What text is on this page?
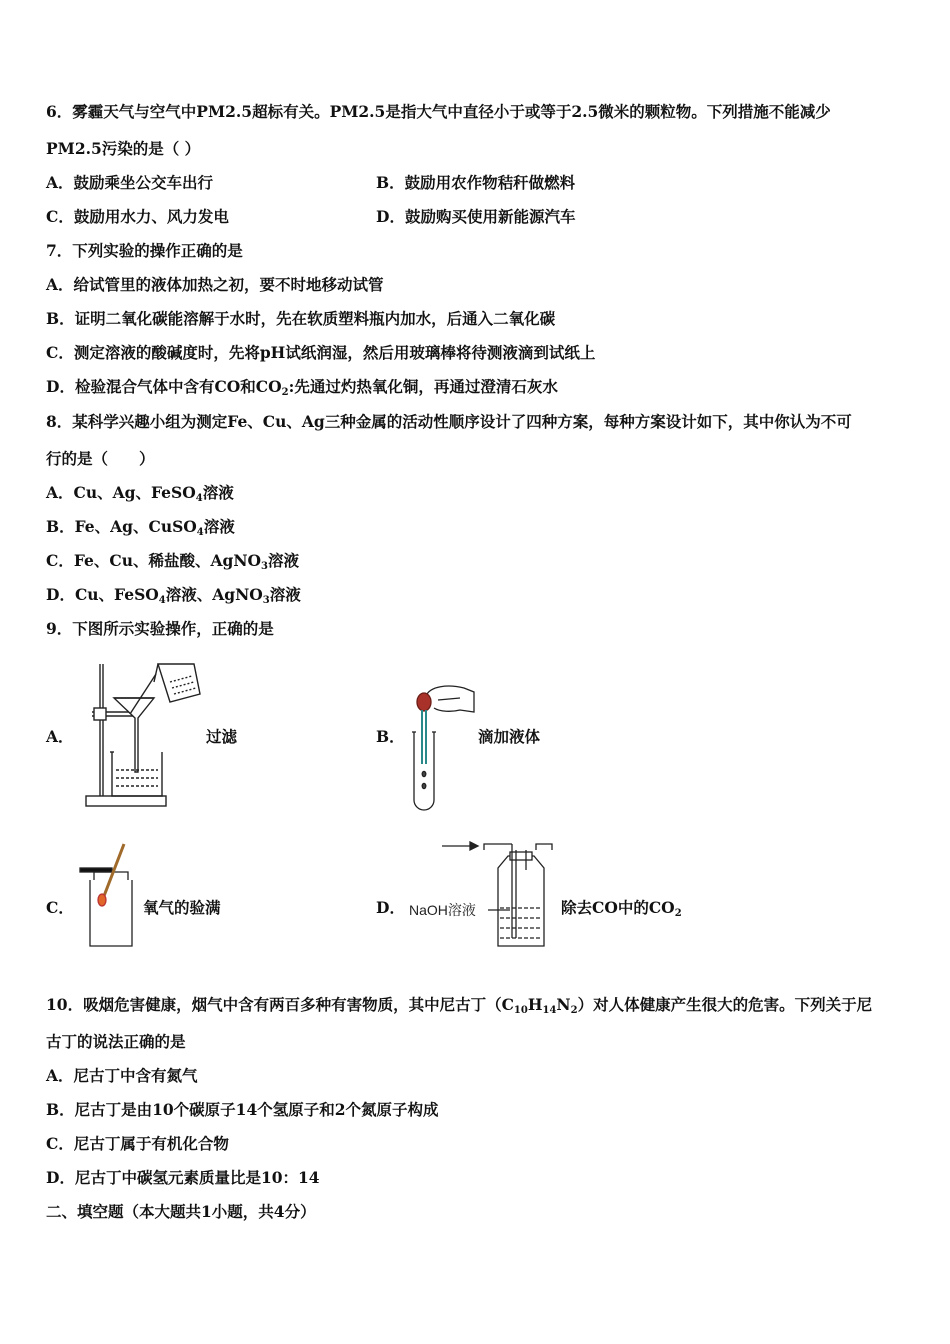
6．雾霾天气与空气中PM2.5超标有关。PM2.5是指大气中直径小于或等于2.5微米的颗粒物。下列措施不能减少
PM2.5污染的是（ ）
A．鼓励乘坐公交车出行	B．鼓励用农作物秸秆做燃料
C．鼓励用水力、风力发电	D．鼓励购买使用新能源汽车
7．下列实验的操作正确的是
A．给试管里的液体加热之初，要不时地移动试管
B．证明二氧化碳能溶解于水时，先在软质塑料瓶内加水，后通入二氧化碳
C．测定溶液的酸碱度时，先将pH试纸润湿，然后用玻璃棒将待测液滴到试纸上
D．检验混合气体中含有CO和$CO_2$:先通过灼热氧化铜，再通过澄清石灰水
8．某科学兴趣小组为测定Fe、Cu、Ag三种金属的活动性顺序设计了四种方案，每种方案设计如下，其中你认为不可
行的是（　　）
A．Cu、Ag、FeSO$_4$溶液
B．Fe、Ag、CuSO$_4$溶液
C．Fe、Cu、稀盐酸、AgNO$_3$溶液
D．Cu、FeSO$_4$溶液、AgNO$_3$溶液
9．下图所示实验操作，正确的是
A．	过滤	B．	滴加液体
C．	氧气的验满	D． NaOH溶液	除去CO中的$CO_2$
10．吸烟危害健康，烟气中含有两百多种有害物质，其中尼古丁$(C_{10}H_{14}N_2)$对人体健康产生很大的危害。下列关于尼
古丁的说法正确的是
A．尼古丁中含有氮气
B．尼古丁是由10个碳原子14个氢原子和2个氮原子构成
C．尼古丁属于有机化合物
D．尼古丁中碳氢元素质量比是10：14
二、填空题（本大题共1小题，共4分）
